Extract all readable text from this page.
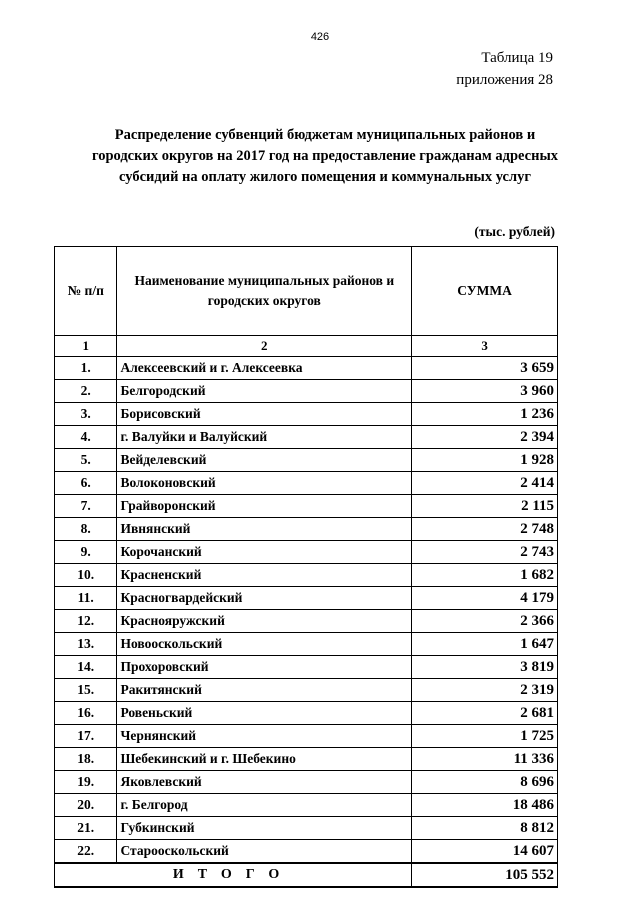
426
Таблица 19
приложения 28
Распределение субвенций бюджетам муниципальных районов и
городских округов на 2017 год на предоставление гражданам адресных
субсидий на оплату жилого помещения и коммунальных услуг
(тыс. рублей)
№ п/п	Наименование муниципальных районов и городских округов	СУММА
1	2	3
1.	Алексеевский и г. Алексеевка	3 659
2.	Белгородский	3 960
3.	Борисовский	1 236
4.	г. Валуйки и Валуйский	2 394
5.	Вейделевский	1 928
6.	Волоконовский	2 414
7.	Грайворонский	2 115
8.	Ивнянский	2 748
9.	Корочанский	2 743
10.	Красненский	1 682
11.	Красногвардейский	4 179
12.	Краснояружский	2 366
13.	Новооскольский	1 647
14.	Прохоровский	3 819
15.	Ракитянский	2 319
16.	Ровеньский	2 681
17.	Чернянский	1 725
18.	Шебекинский и г. Шебекино	11 336
19.	Яковлевский	8 696
20.	г. Белгород	18 486
21.	Губкинский	8 812
22.	Старооскольский	14 607
ИТОГО		105 552
